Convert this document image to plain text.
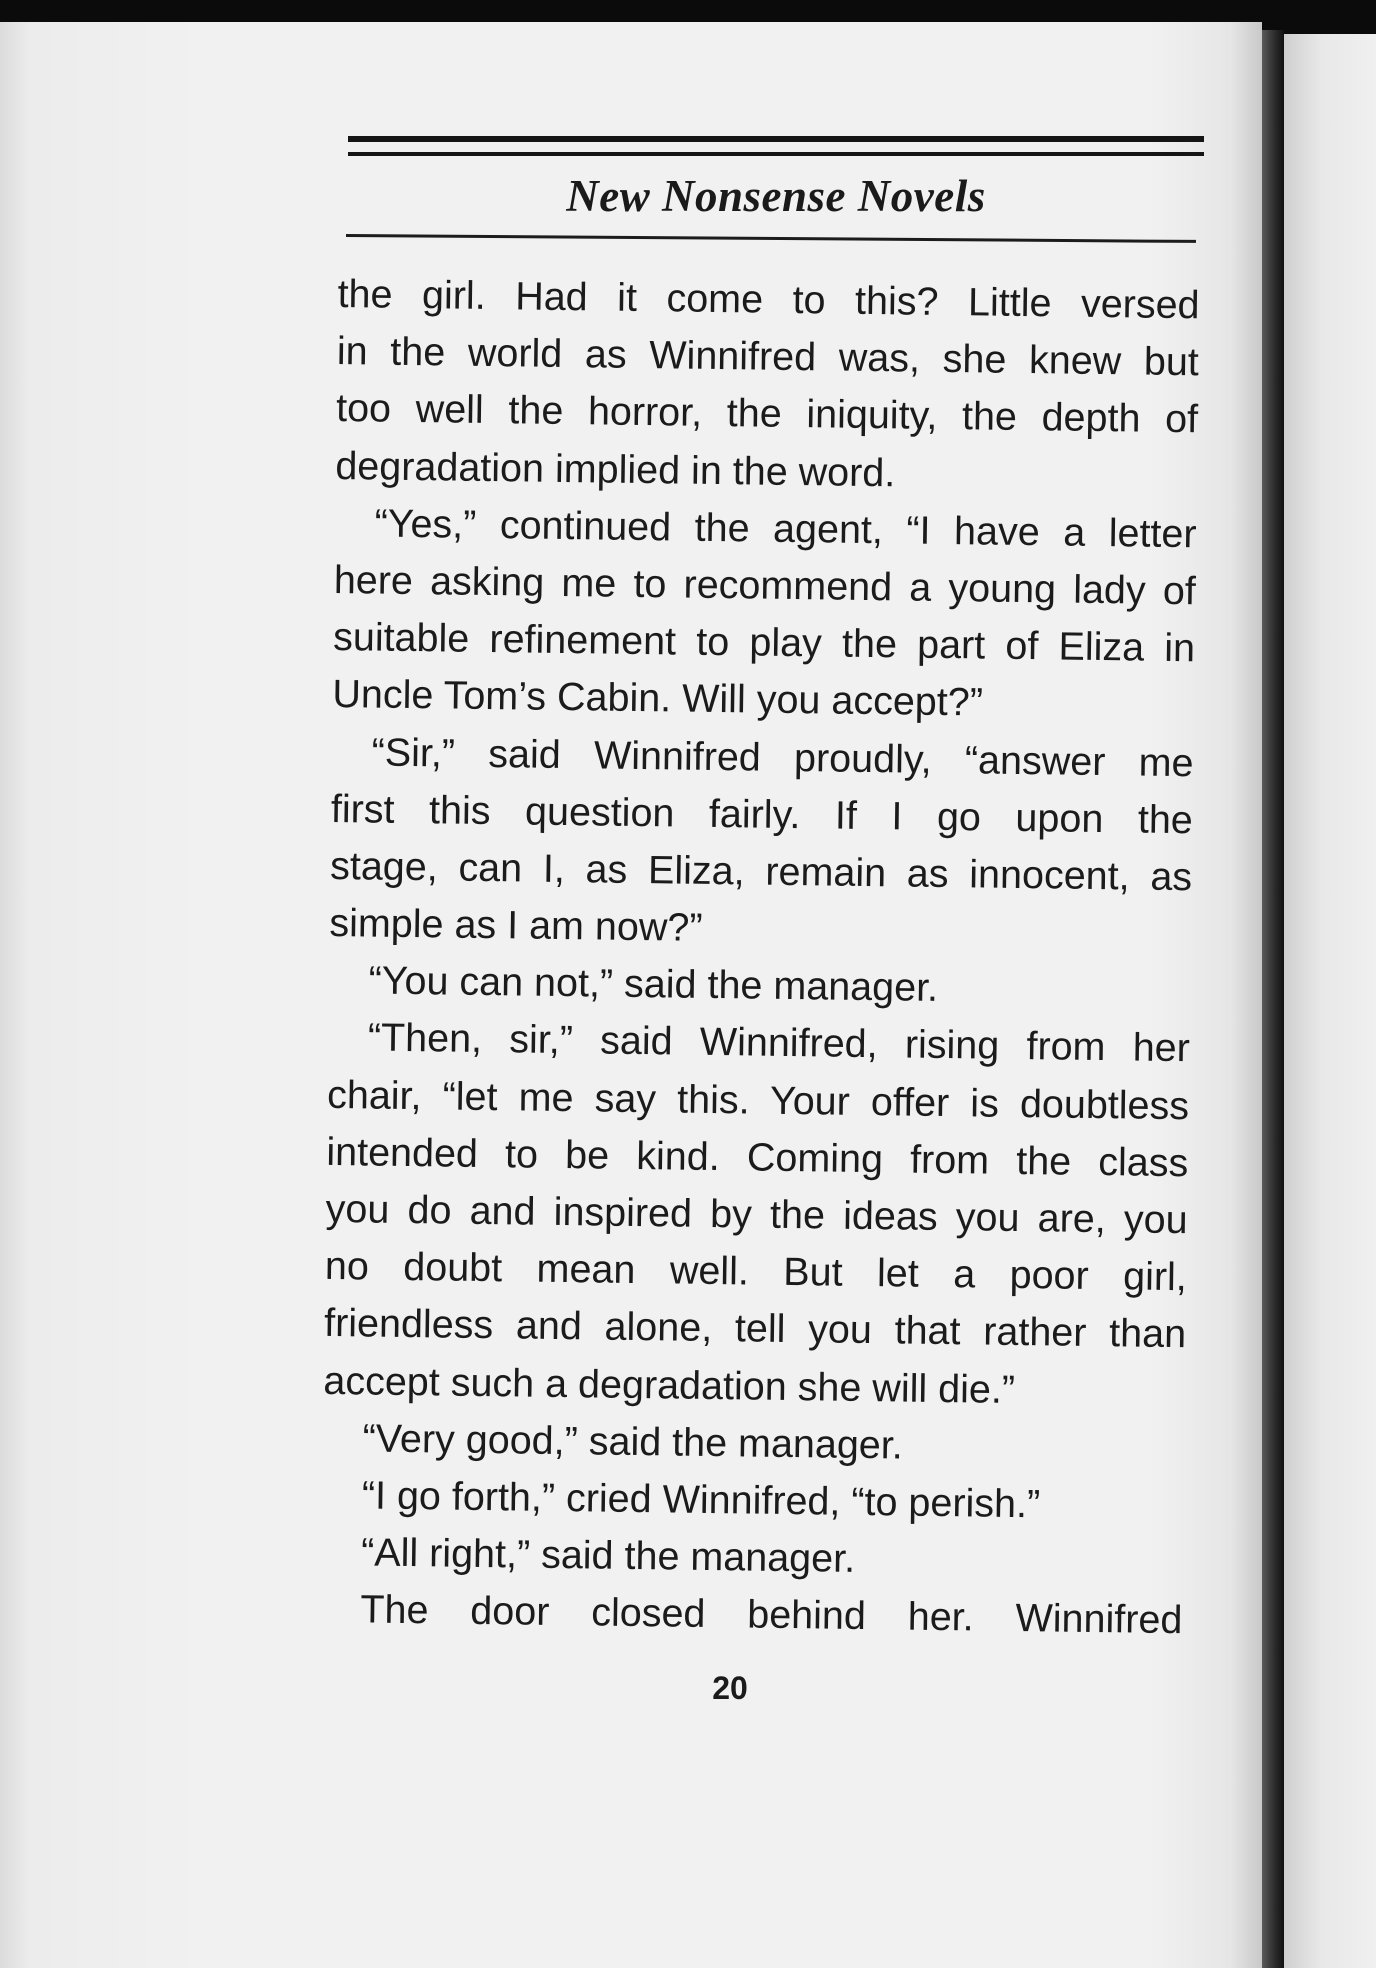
New Nonsense Novels
the girl. Had it come to this? Little versed
in the world as Winnifred was, she knew but
too well the horror, the iniquity, the depth of
degradation implied in the word.
“Yes,” continued the agent, “I have a letter
here asking me to recommend a young lady of
suitable refinement to play the part of Eliza in
Uncle Tom’s Cabin. Will you accept?”
“Sir,” said Winnifred proudly, “answer me
first this question fairly. If I go upon the
stage, can I, as Eliza, remain as innocent, as
simple as I am now?”
“You can not,” said the manager.
“Then, sir,” said Winnifred, rising from her
chair, “let me say this. Your offer is doubtless
intended to be kind. Coming from the class
you do and inspired by the ideas you are, you
no doubt mean well. But let a poor girl,
friendless and alone, tell you that rather than
accept such a degradation she will die.”
“Very good,” said the manager.
“I go forth,” cried Winnifred, “to perish.”
“All right,” said the manager.
The door closed behind her. Winnifred
20
